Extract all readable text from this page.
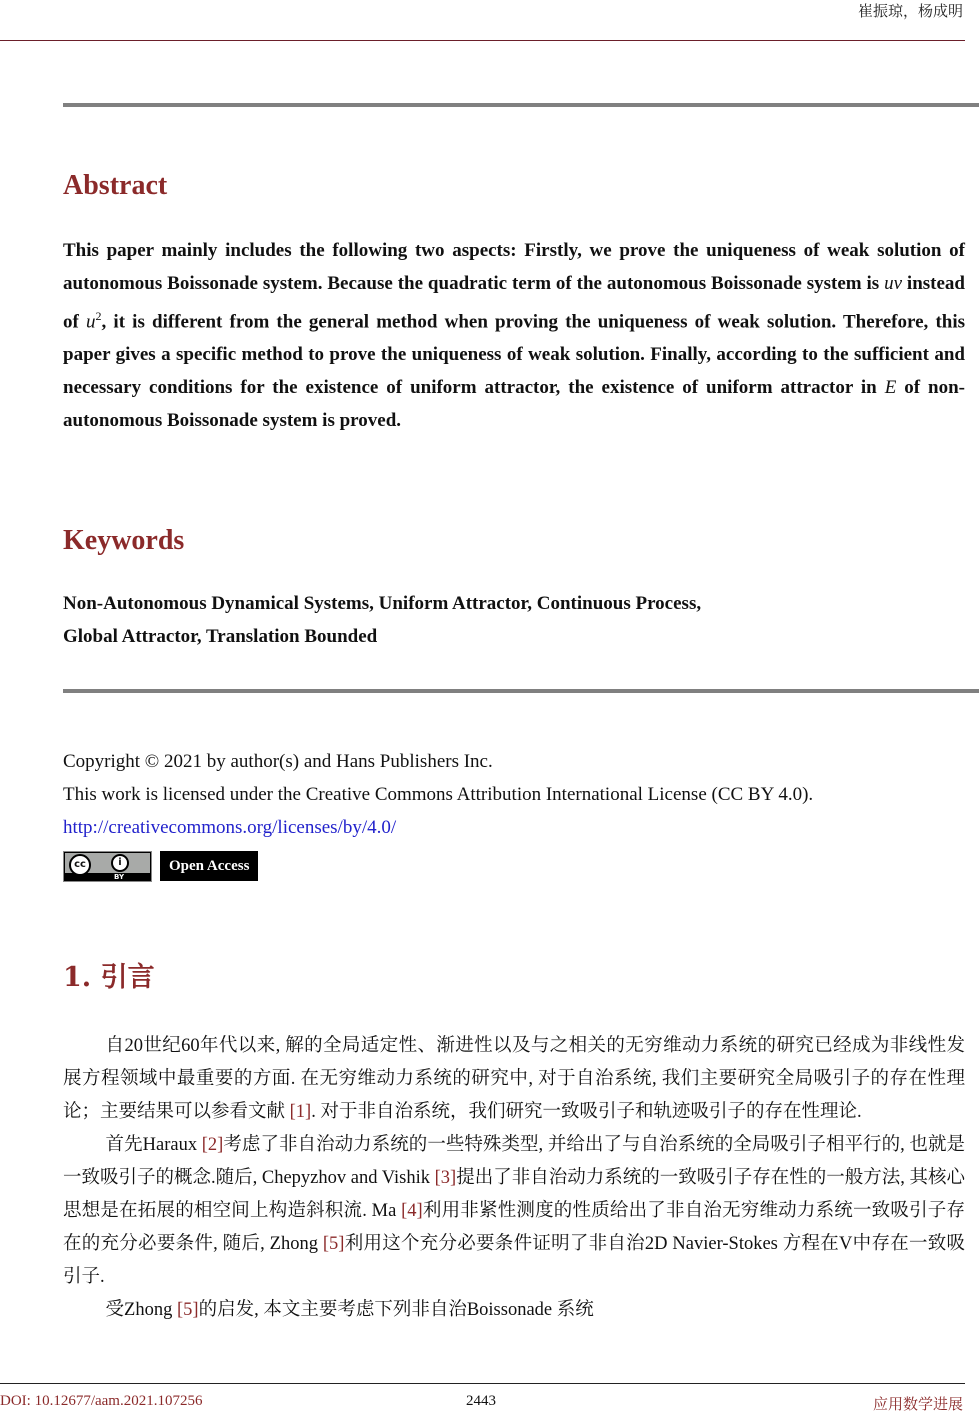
崔振琼，杨成明
Abstract
This paper mainly includes the following two aspects: Firstly, we prove the uniqueness of weak solution of autonomous Boissonade system. Because the quadratic term of the autonomous Boissonade system is uv instead of $u^2$, it is different from the general method when proving the uniqueness of weak solution. Therefore, this paper gives a specific method to prove the uniqueness of weak solution. Finally, according to the sufficient and necessary conditions for the existence of uniform attractor, the existence of uniform attractor in E of non-autonomous Boissonade system is proved.
Keywords
Non-Autonomous Dynamical Systems, Uniform Attractor, Continuous Process,
Global Attractor, Translation Bounded
Copyright © 2021 by author(s) and Hans Publishers Inc.
This work is licensed under the Creative Commons Attribution International License (CC BY 4.0).
http://creativecommons.org/licenses/by/4.0/
cc	i
BY
Open Access
1. 引言

自20世纪60年代以来, 解的全局适定性、渐进性以及与之相关的无穷维动力系统的研究已经成为非线性发展方程领域中最重要的方面. 在无穷维动力系统的研究中, 对于自治系统, 我们主要研究全局吸引子的存在性理论；主要结果可以参看文献 [1]. 对于非自治系统，我们研究一致吸引子和轨迹吸引子的存在性理论.

首先Haraux [2]考虑了非自治动力系统的一些特殊类型, 并给出了与自治系统的全局吸引子相平行的, 也就是一致吸引子的概念.随后, Chepyzhov and Vishik [3]提出了非自治动力系统的一致吸引子存在性的一般方法, 其核心思想是在拓展的相空间上构造斜积流. Ma [4]利用非紧性测度的性质给出了非自治无穷维动力系统一致吸引子存在的充分必要条件, 随后, Zhong [5]利用这个充分必要条件证明了非自治2D Navier-Stokes 方程在V中存在一致吸引子.

受Zhong [5]的启发, 本文主要考虑下列非自治Boissonade 系统

DOI: 10.12677/aam.2021.107256	2443	应用数学进展
